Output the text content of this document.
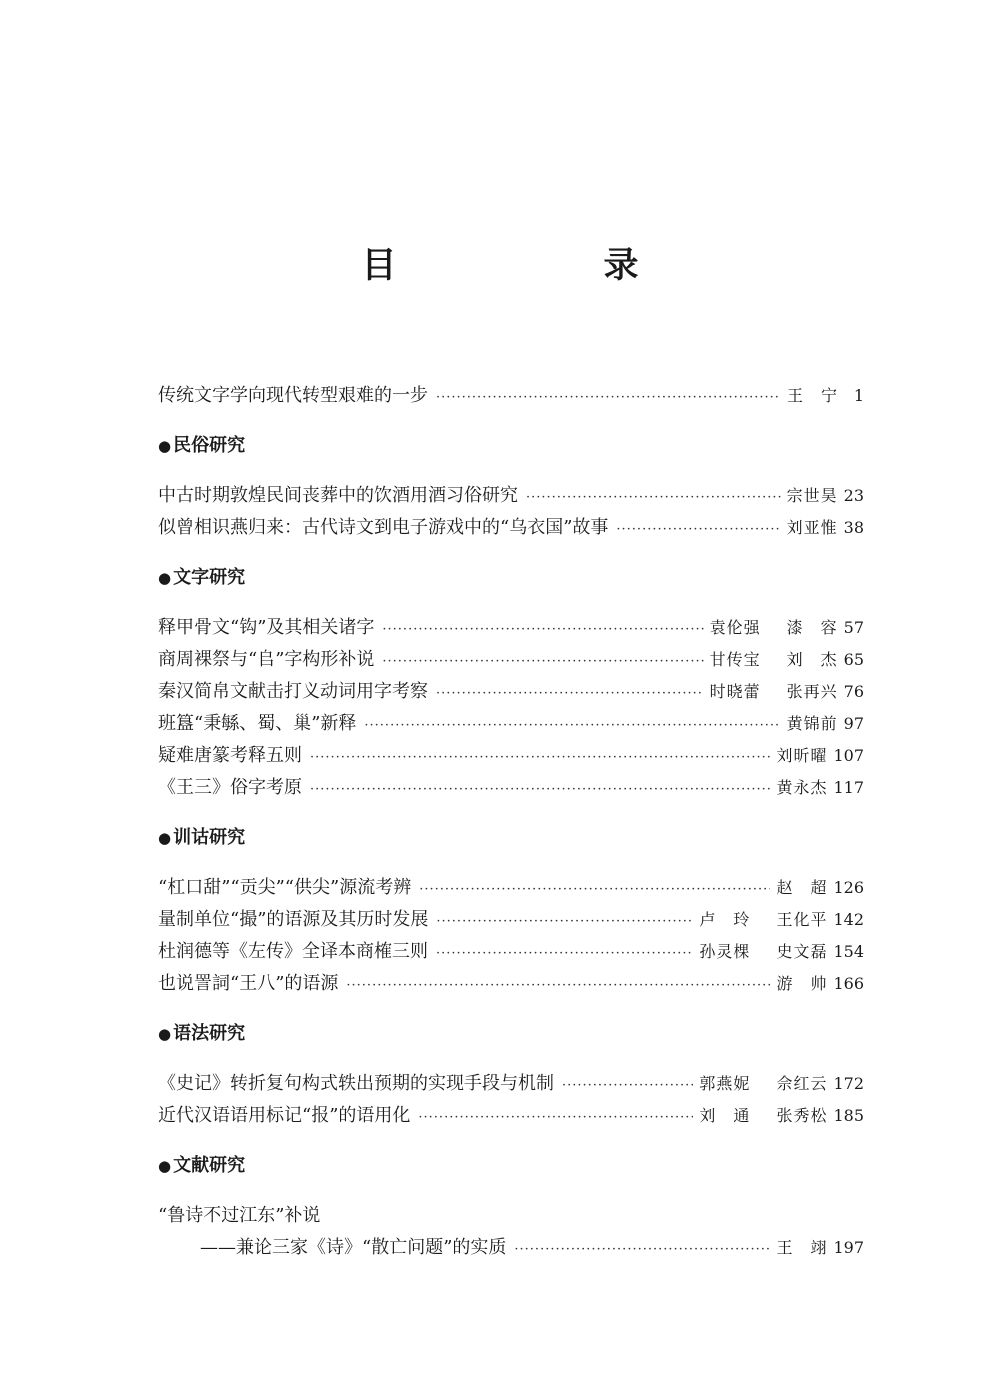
目　录
传统文字学向现代转型艰难的一步 ·····	王　宁 1
● 民俗研究
中古时期敦煌民间丧葬中的饮酒用酒习俗研究 ·····	宗世昊 23
似曾相识燕归来：古代诗文到电子游戏中的“乌衣国”故事 ·····	刘亚惟 38
● 文字研究
释甲骨文“钩”及其相关诸字 ·····	袁伦强 漆　容 57
商周裸祭与“𠂤”字构形补说 ·····	甘传宝 刘　杰 65
秦汉简帛文献击打义动词用字考察 ·····	时晓蕾 张再兴 76
班簋“秉緐、蜀、巢”新释 ·····	黄锦前 97
疑难唐篆考释五则 ·····	刘昕曜 107
《王三》俗字考原 ·····	黄永杰 117
● 训诂研究
“杠口甜”“贡尖”“供尖”源流考辨 ·····	赵　超 126
量制单位“撮”的语源及其历时发展 ·····	卢　玲 王化平 142
杜润德等《左传》全译本商榷三则 ·····	孙灵棵 史文磊 154
也说詈詞“王八”的语源 ·····	游　帅 166
● 语法研究
《史记》转折复句构式轶出预期的实现手段与机制 ·····	郭燕妮 佘红云 172
近代汉语语用标记“报”的语用化 ·····	刘　通 张秀松 185
● 文献研究
“鲁诗不过江东”补说
——兼论三家《诗》“散亡问题”的实质 ·····	王　翊 197
